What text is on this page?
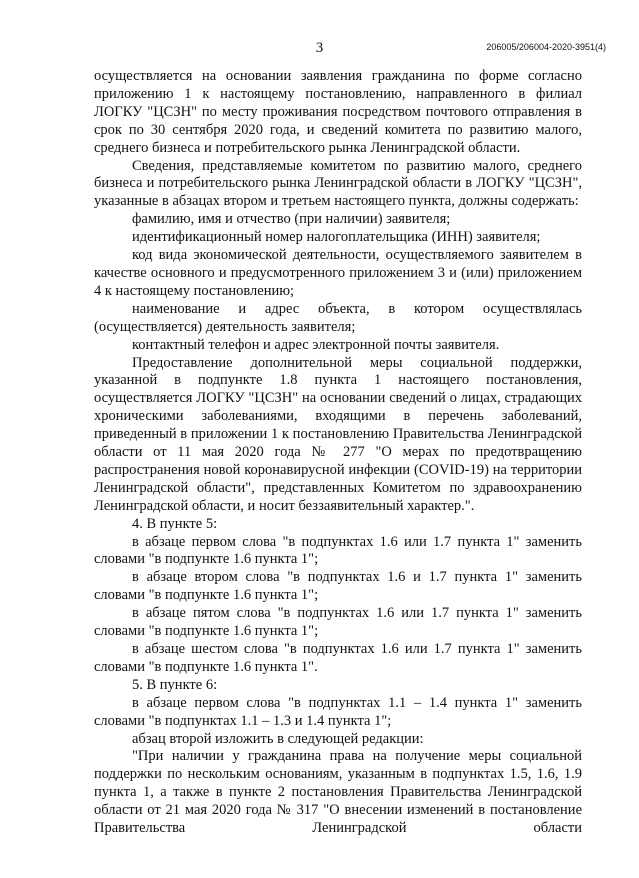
3	206005/206004-2020-3951(4)

осуществляется на основании заявления гражданина по форме согласно приложению 1 к настоящему постановлению, направленного в филиал ЛОГКУ "ЦСЗН" по месту проживания посредством почтового отправления в срок по 30 сентября 2020 года, и сведений комитета по развитию малого, среднего бизнеса и потребительского рынка Ленинградской области.

Сведения, представляемые комитетом по развитию малого, среднего бизнеса и потребительского рынка Ленинградской области в ЛОГКУ "ЦСЗН", указанные в абзацах втором и третьем настоящего пункта, должны содержать:

фамилию, имя и отчество (при наличии) заявителя;

идентификационный номер налогоплательщика (ИНН) заявителя;

код вида экономической деятельности, осуществляемого заявителем в качестве основного и предусмотренного приложением 3 и (или) приложением 4 к настоящему постановлению;

наименование и адрес объекта, в котором осуществлялась (осуществляется) деятельность заявителя;

контактный телефон и адрес электронной почты заявителя.

Предоставление дополнительной меры социальной поддержки, указанной в подпункте 1.8 пункта 1 настоящего постановления, осуществляется ЛОГКУ "ЦСЗН" на основании сведений о лицах, страдающих хроническими заболеваниями, входящими в перечень заболеваний, приведенный в приложении 1 к постановлению Правительства Ленинградской области от 11 мая 2020 года № 277 "О мерах по предотвращению распространения новой коронавирусной инфекции (COVID-19) на территории Ленинградской области", представленных Комитетом по здравоохранению Ленинградской области, и носит беззаявительный характер.".

4. В пункте 5:

в абзаце первом слова "в подпунктах 1.6 или 1.7 пункта 1" заменить словами "в подпункте 1.6 пункта 1";

в абзаце втором слова "в подпунктах 1.6 и 1.7 пункта 1" заменить словами "в подпункте 1.6 пункта 1";

в абзаце пятом слова "в подпунктах 1.6 или 1.7 пункта 1" заменить словами "в подпункте 1.6 пункта 1";

в абзаце шестом слова "в подпунктах 1.6 или 1.7 пункта 1" заменить словами "в подпункте 1.6 пункта 1".

5. В пункте 6:

в абзаце первом слова "в подпунктах 1.1 – 1.4 пункта 1" заменить словами "в подпунктах 1.1 – 1.3 и 1.4 пункта 1";

абзац второй изложить в следующей редакции:

"При наличии у гражданина права на получение меры социальной поддержки по нескольким основаниям, указанным в подпунктах 1.5, 1.6, 1.9 пункта 1, а также в пункте 2 постановления Правительства Ленинградской области от 21 мая 2020 года № 317 "О внесении изменений в постановление Правительства Ленинградской области
